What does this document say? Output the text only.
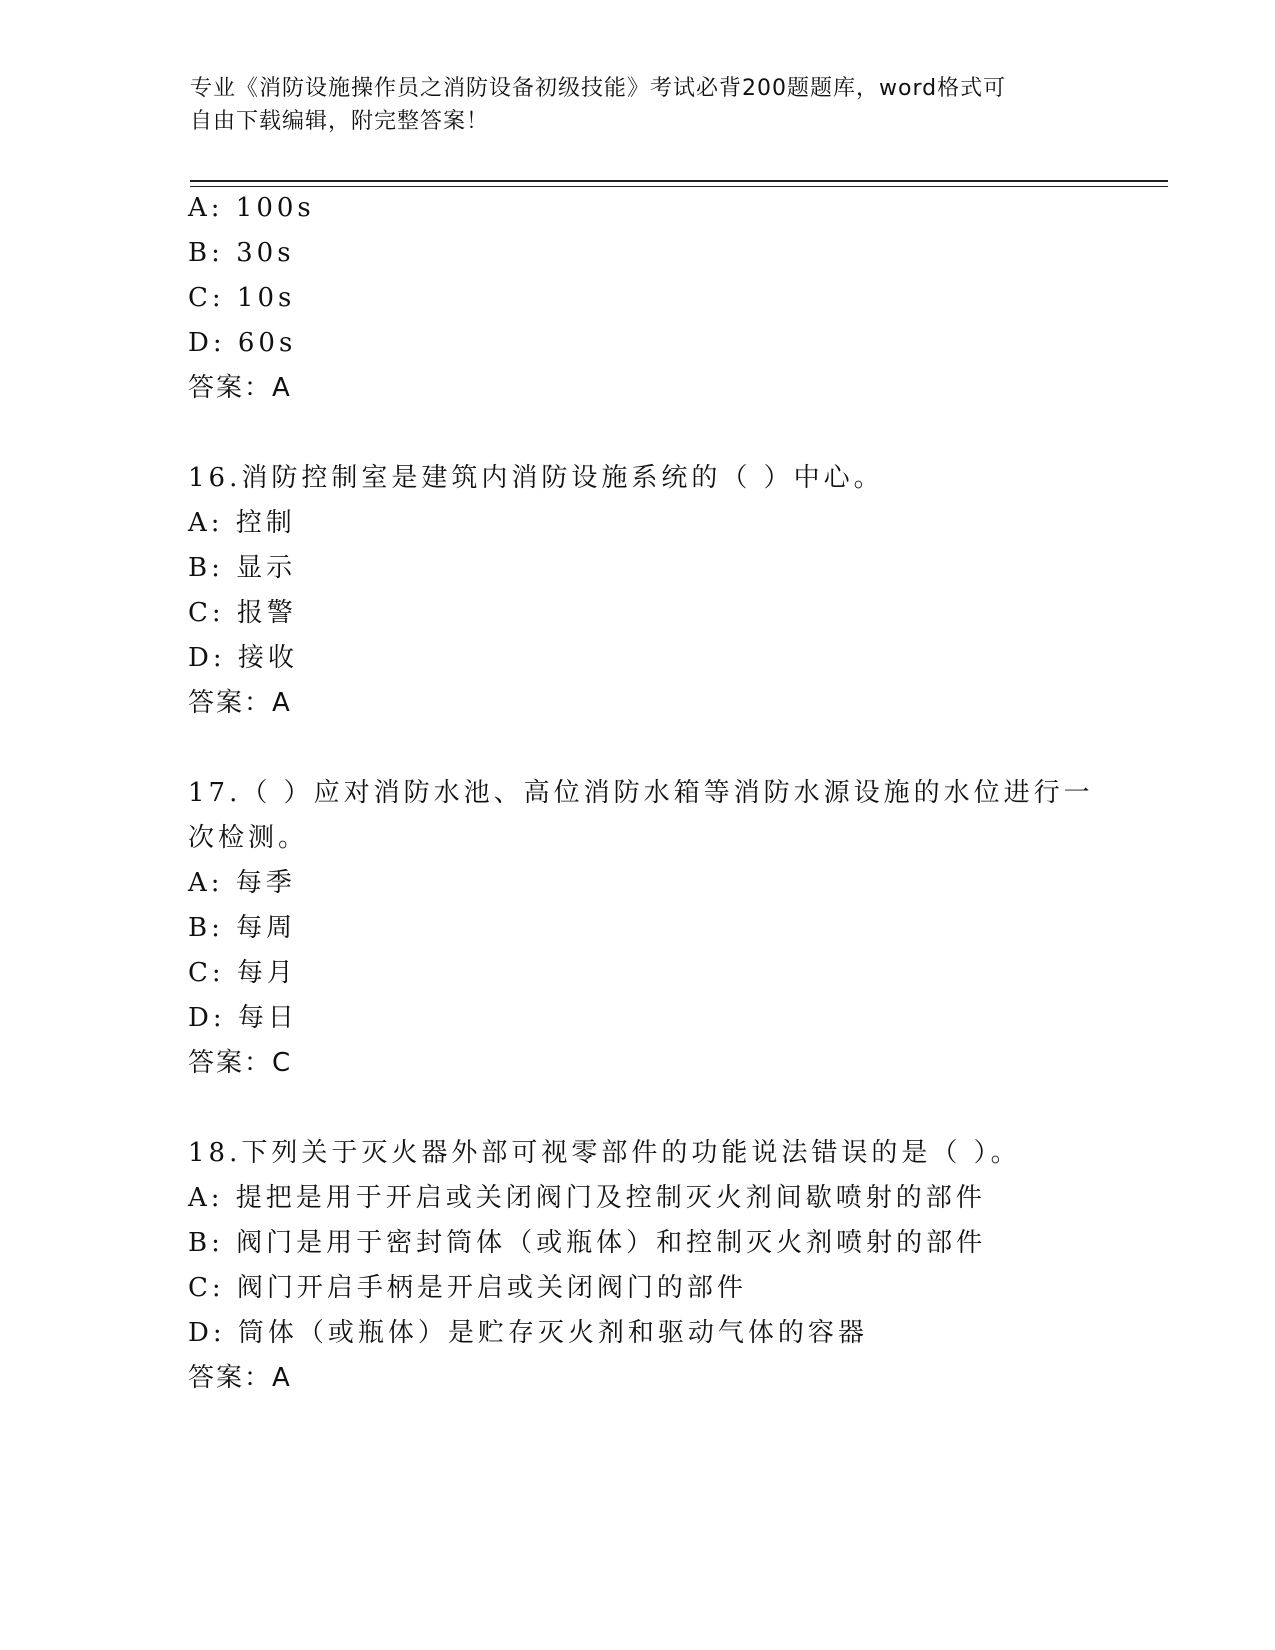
专业《消防设施操作员之消防设备初级技能》考试必背200题题库，word格式可
自由下载编辑，附完整答案！
A: 100s
B: 30s
C: 10s
D: 60s
答案：A
16.消防控制室是建筑内消防设施系统的（ ）中心。
A: 控制
B: 显示
C: 报警
D: 接收
答案：A
17.（ ）应对消防水池、高位消防水箱等消防水源设施的水位进行一
次检测。
A: 每季
B: 每周
C: 每月
D: 每日
答案：C
18.下列关于灭火器外部可视零部件的功能说法错误的是（ ）。
A: 提把是用于开启或关闭阀门及控制灭火剂间歇喷射的部件
B: 阀门是用于密封筒体（或瓶体）和控制灭火剂喷射的部件
C: 阀门开启手柄是开启或关闭阀门的部件
D: 筒体（或瓶体）是贮存灭火剂和驱动气体的容器
答案：A
